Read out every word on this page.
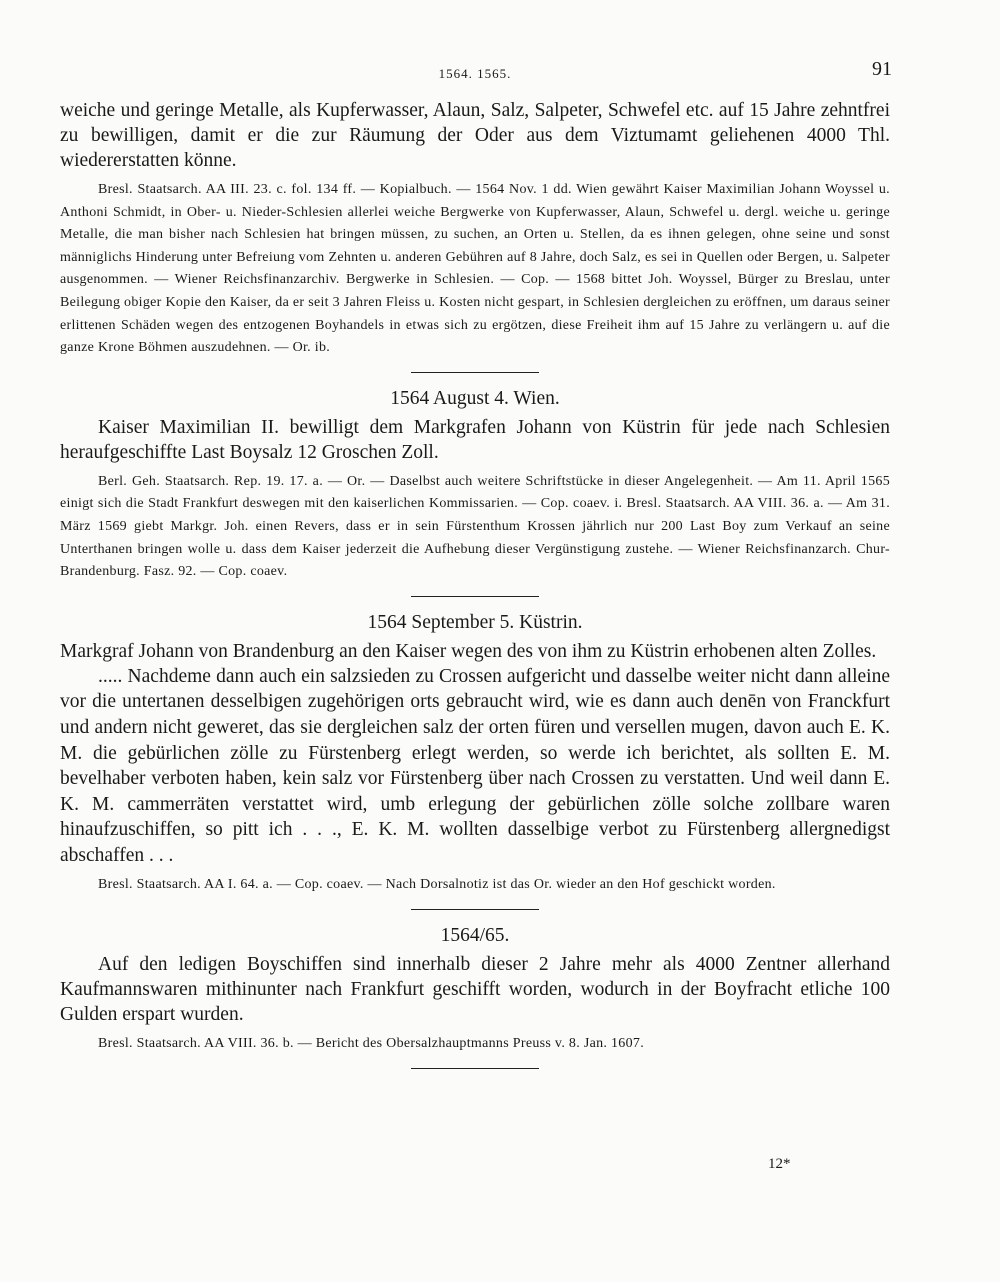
1564. 1565.	91

weiche und geringe Metalle, als Kupferwasser, Alaun, Salz, Salpeter, Schwefel etc. auf 15 Jahre zehntfrei zu bewilligen, damit er die zur Räumung der Oder aus dem Viztumamt geliehenen 4000 Thl. wiedererstatten könne.

Bresl. Staatsarch. AA III. 23. c. fol. 134 ff. — Kopialbuch. — 1564 Nov. 1 dd. Wien gewährt Kaiser Maximilian Johann Woyssel u. Anthoni Schmidt, in Ober- u. Nieder-Schlesien allerlei weiche Bergwerke von Kupferwasser, Alaun, Schwefel u. dergl. weiche u. geringe Metalle, die man bisher nach Schlesien hat bringen müssen, zu suchen, an Orten u. Stellen, da es ihnen gelegen, ohne seine und sonst männiglichs Hinderung unter Befreiung vom Zehnten u. anderen Gebühren auf 8 Jahre, doch Salz, es sei in Quellen oder Bergen, u. Salpeter ausgenommen. — Wiener Reichsfinanzarchiv. Bergwerke in Schlesien. — Cop. — 1568 bittet Joh. Woyssel, Bürger zu Breslau, unter Beilegung obiger Kopie den Kaiser, da er seit 3 Jahren Fleiss u. Kosten nicht gespart, in Schlesien dergleichen zu eröffnen, um daraus seiner erlittenen Schäden wegen des entzogenen Boyhandels in etwas sich zu ergötzen, diese Freiheit ihm auf 15 Jahre zu verlängern u. auf die ganze Krone Böhmen auszudehnen. — Or. ib.

1564 August 4. Wien.

Kaiser Maximilian II. bewilligt dem Markgrafen Johann von Küstrin für jede nach Schlesien heraufgeschiffte Last Boysalz 12 Groschen Zoll.

Berl. Geh. Staatsarch. Rep. 19. 17. a. — Or. — Daselbst auch weitere Schriftstücke in dieser Angelegenheit. — Am 11. April 1565 einigt sich die Stadt Frankfurt deswegen mit den kaiserlichen Kommissarien. — Cop. coaev. i. Bresl. Staatsarch. AA VIII. 36. a. — Am 31. März 1569 giebt Markgr. Joh. einen Revers, dass er in sein Fürstenthum Krossen jährlich nur 200 Last Boy zum Verkauf an seine Unterthanen bringen wolle u. dass dem Kaiser jederzeit die Aufhebung dieser Vergünstigung zustehe. — Wiener Reichsfinanzarch. Chur-Brandenburg. Fasz. 92. — Cop. coaev.

1564 September 5. Küstrin.

Markgraf Johann von Brandenburg an den Kaiser wegen des von ihm zu Küstrin erhobenen alten Zolles.

..... Nachdeme dann auch ein salzsieden zu Crossen aufgericht und dasselbe weiter nicht dann alleine vor die untertanen desselbigen zugehörigen orts gebraucht wird, wie es dann auch denēn von Franckfurt und andern nicht geweret, das sie dergleichen salz der orten füren und versellen mugen, davon auch E. K. M. die gebürlichen zölle zu Fürstenberg erlegt werden, so werde ich berichtet, als sollten E. M. bevelhaber verboten haben, kein salz vor Fürstenberg über nach Crossen zu verstatten. Und weil dann E. K. M. cammerräten verstattet wird, umb erlegung der gebürlichen zölle solche zollbare waren hinaufzuschiffen, so pitt ich . . ., E. K. M. wollten dasselbige verbot zu Fürstenberg allergnedigst abschaffen . . .

Bresl. Staatsarch. AA I. 64. a. — Cop. coaev. — Nach Dorsalnotiz ist das Or. wieder an den Hof geschickt worden.

1564/65.

Auf den ledigen Boyschiffen sind innerhalb dieser 2 Jahre mehr als 4000 Zentner allerhand Kaufmannswaren mithinunter nach Frankfurt geschifft worden, wodurch in der Boyfracht etliche 100 Gulden erspart wurden.

Bresl. Staatsarch. AA VIII. 36. b. — Bericht des Obersalzhauptmanns Preuss v. 8. Jan. 1607.

12*
